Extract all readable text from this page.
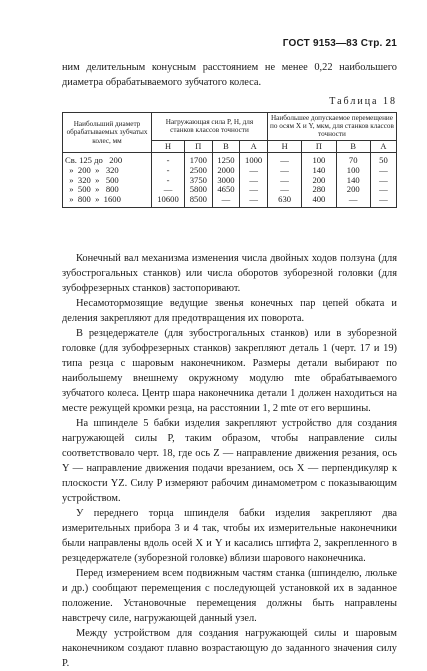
ГОСТ 9153—83 Стр. 21

ним делительным конусным расстоянием не менее 0,22 наибольшего диаметра обрабатываемого зубчатого колеса.

Таблица 18
Наибольший диаметр обрабатываемых зубчатых колес, мм	Нагружающая сила P, Н, для станков классов точности				Наибольшее допускаемое перемещение по осям X и Y, мкм, для станков классов точности			
	Н	П	В	А	Н	П	В	А
Св. 125 до   200	-	1700	1250	1000	—	100	70	50
»  200  »   320	-	2500	2000	—	—	140	100	—
»  320  »   500	-	3750	3000	—	—	200	140	—
»  500  »   800	—	5800	4650	—	—	280	200	—
»  800  »  1600	10600	8500	—	—	630	400	—	—

Конечный вал механизма изменения числа двойных ходов ползуна (для зубострогальных станков) или числа оборотов зуборезной головки (для зубофрезерных станков) застопоривают.

Несамотормозящие ведущие звенья конечных пар цепей обката и деления закрепляют для предотвращения их поворота.

В резцедержателе (для зубострогальных станков) или в зуборезной головке (для зубофрезерных станков) закрепляют деталь 1 (черт. 17 и 19) типа резца с шаровым наконечником. Размеры детали выбирают по наибольшему внешнему окружному модулю mte обрабатываемого зубчатого колеса. Центр шара наконечника детали 1 должен находиться на месте режущей кромки резца, на расстоянии 1, 2 mte от его вершины.

На шпинделе 5 бабки изделия закрепляют устройство для создания нагружающей силы P, таким образом, чтобы направление силы соответствовало черт. 18, где ось Z — направление движения резания, ось Y — направление движения подачи врезанием, ось X — перпендикуляр к плоскости YZ. Силу P измеряют рабочим динамометром с показывающим устройством.

У переднего торца шпинделя бабки изделия закрепляют два измерительных прибора 3 и 4 так, чтобы их измерительные наконечники были направлены вдоль осей X и Y и касались штифта 2, закрепленного в резцедержателе (зуборезной головке) вблизи шарового наконечника.

Перед измерением всем подвижным частям станка (шпинделю, люльке и др.) сообщают перемещения с последующей установкой их в заданное положение. Установочные перемещения должны быть направлены навстречу силе, нагружающей данный узел.

Между устройством для создания нагружающей силы и шаровым наконечником создают плавно возрастающую до заданного значения силу P.
